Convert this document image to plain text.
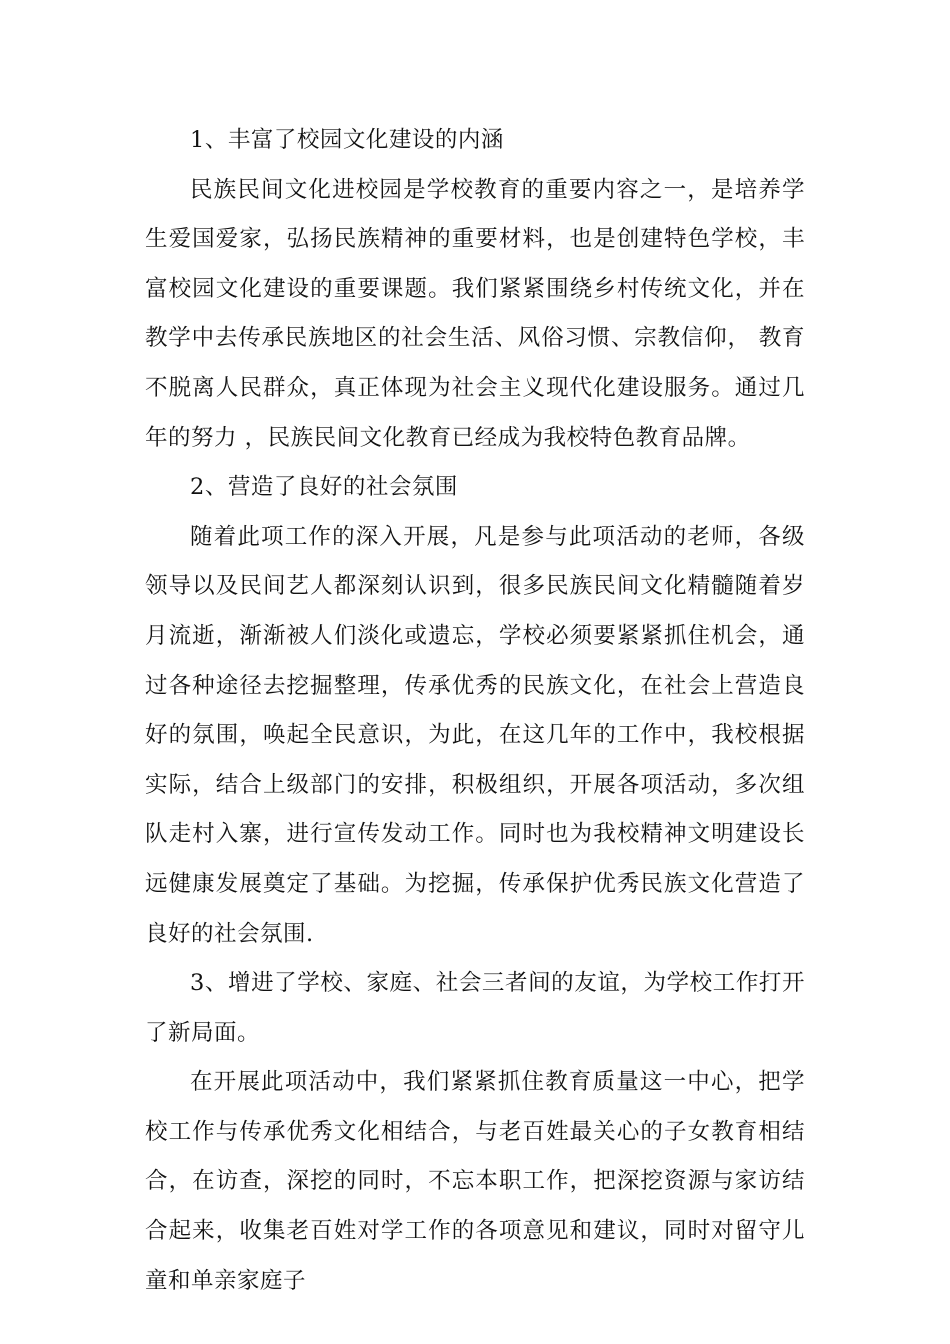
1、丰富了校园文化建设的内涵

民族民间文化进校园是学校教育的重要内容之一，是培养学生爱国爱家，弘扬民族精神的重要材料，也是创建特色学校，丰富校园文化建设的重要课题。我们紧紧围绕乡村传统文化，并在教学中去传承民族地区的社会生活、风俗习惯、宗教信仰， 教育 不脱离人民群众，真正体现为社会主义现代化建设服务。通过几年的努力 ，民族民间文化教育已经成为我校特色教育品牌。

2、营造了良好的社会氛围

随着此项工作的深入开展，凡是参与此项活动的老师，各级领导以及民间艺人都深刻认识到，很多民族民间文化精髓随着岁月流逝，渐渐被人们淡化或遗忘，学校必须要紧紧抓住机会，通过各种途径去挖掘整理，传承优秀的民族文化，在社会上营造良好的氛围，唤起全民意识，为此，在这几年的工作中，我校根据实际，结合上级部门的安排，积极组织，开展各项活动，多次组队走村入寨，进行宣传发动工作。同时也为我校精神文明建设长远健康发展奠定了基础。为挖掘，传承保护优秀民族文化营造了良好的社会氛围.

3、增进了学校、家庭、社会三者间的友谊，为学校工作打开了新局面。

在开展此项活动中，我们紧紧抓住教育质量这一中心，把学校工作与传承优秀文化相结合，与老百姓最关心的子女教育相结合，在访查，深挖的同时，不忘本职工作，把深挖资源与家访结合起来，收集老百姓对学工作的各项意见和建议，同时对留守儿童和单亲家庭子
